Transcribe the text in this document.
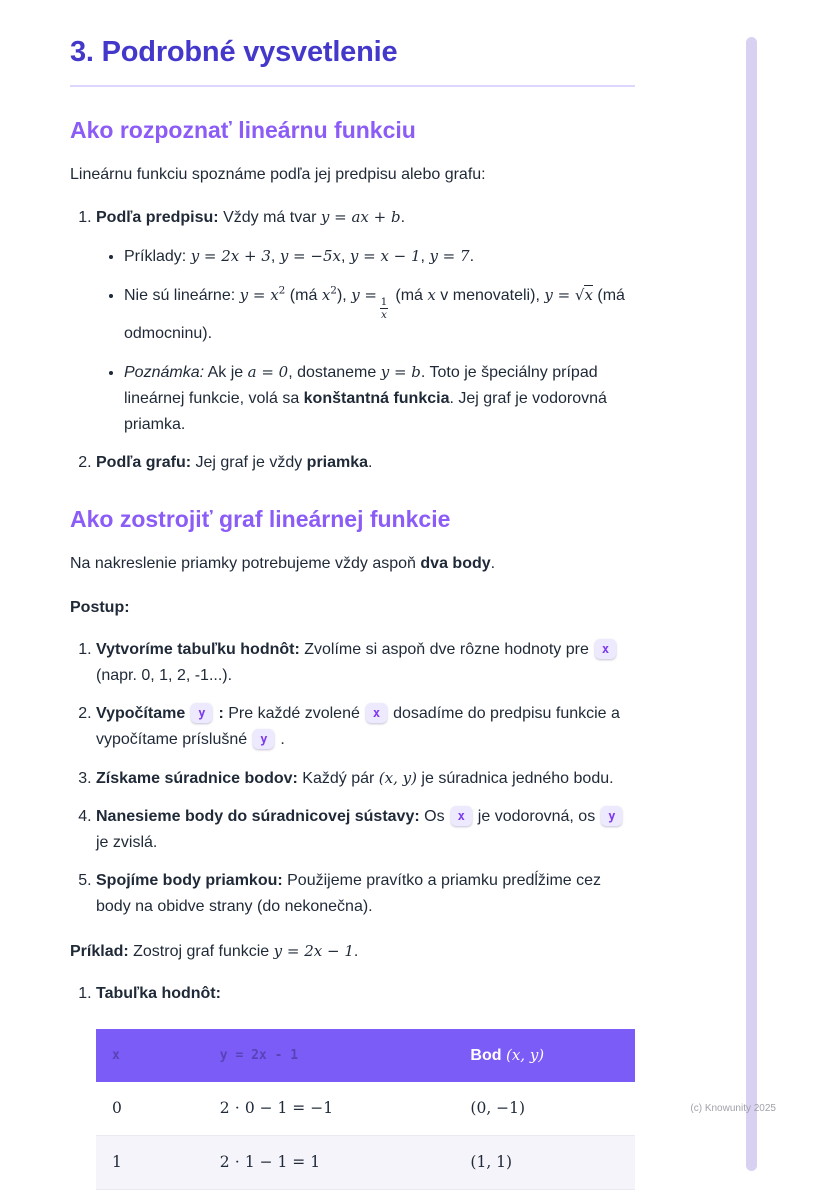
(c) Knowunity 2025
3. Podrobné vysvetlenie
Ako rozpoznať lineárnu funkciu

Lineárnu funkciu spoznáme podľa jej predpisu alebo grafu:

1. Podľa predpisu: Vždy má tvar y = ax + b.
• Príklady: y = 2x + 3, y = −5x, y = x − 1, y = 7.
• Nie sú lineárne: $y = x^2$ (má $x^2$), y =
$\frac{1}{x}$
(má x v menovateli), y = √x (má odmocninu).
• Poznámka: Ak je a = 0, dostaneme y = b. Toto je špeciálny prípad lineárnej funkcie, volá sa konštantná funkcia. Jej graf je vodorovná priamka.
2. Podľa grafu: Jej graf je vždy priamka.
Ako zostrojiť graf lineárnej funkcie

Na nakreslenie priamky potrebujeme vždy aspoň dva body.

Postup:

1. Vytvoríme tabuľku hodnôt: Zvolíme si aspoň dve rôzne hodnoty pre x(napr. 0, 1, 2, -1...).
2. Vypočítame y : Pre každé zvolené x dosadíme do predpisu funkcie a vypočítame príslušné y .
3. Získame súradnice bodov: Každý pár (x, y) je súradnica jedného bodu.
4. Nanesieme body do súradnicovej sústavy: Os x je vodorovná, os yje zvislá.
5. Spojíme body priamkou: Použijeme pravítko a priamku predĺžime cez body na obidve strany (do nekonečna).

Príklad: Zostroj graf funkcie y = 2x − 1.

1. Tabuľka hodnôt:
x	y = 2x - 1	Bod (x, y)
0	2 ⋅ 0 − 1 = −1	(0, −1)
1	2 ⋅ 1 − 1 = 1	(1, 1)
